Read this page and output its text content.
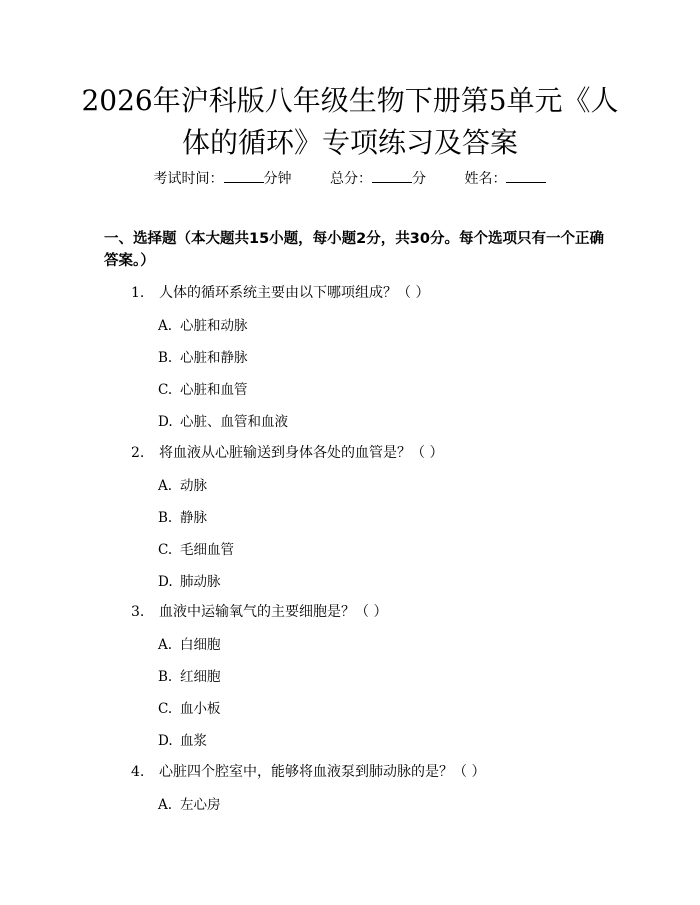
2026年沪科版八年级生物下册第5单元《人体的循环》专项练习及答案
考试时间：	分钟	总分：	分	姓名：
一、选择题（本大题共15小题，每小题2分，共30分。每个选项只有一个正确答案。）
1. 人体的循环系统主要由以下哪项组成？（ ）
A. 心脏和动脉
B. 心脏和静脉
C. 心脏和血管
D. 心脏、血管和血液
2. 将血液从心脏输送到身体各处的血管是？（ ）
A. 动脉
B. 静脉
C. 毛细血管
D. 肺动脉
3. 血液中运输氧气的主要细胞是？（ ）
A. 白细胞
B. 红细胞
C. 血小板
D. 血浆
4. 心脏四个腔室中，能够将血液泵到肺动脉的是？（ ）
A. 左心房
